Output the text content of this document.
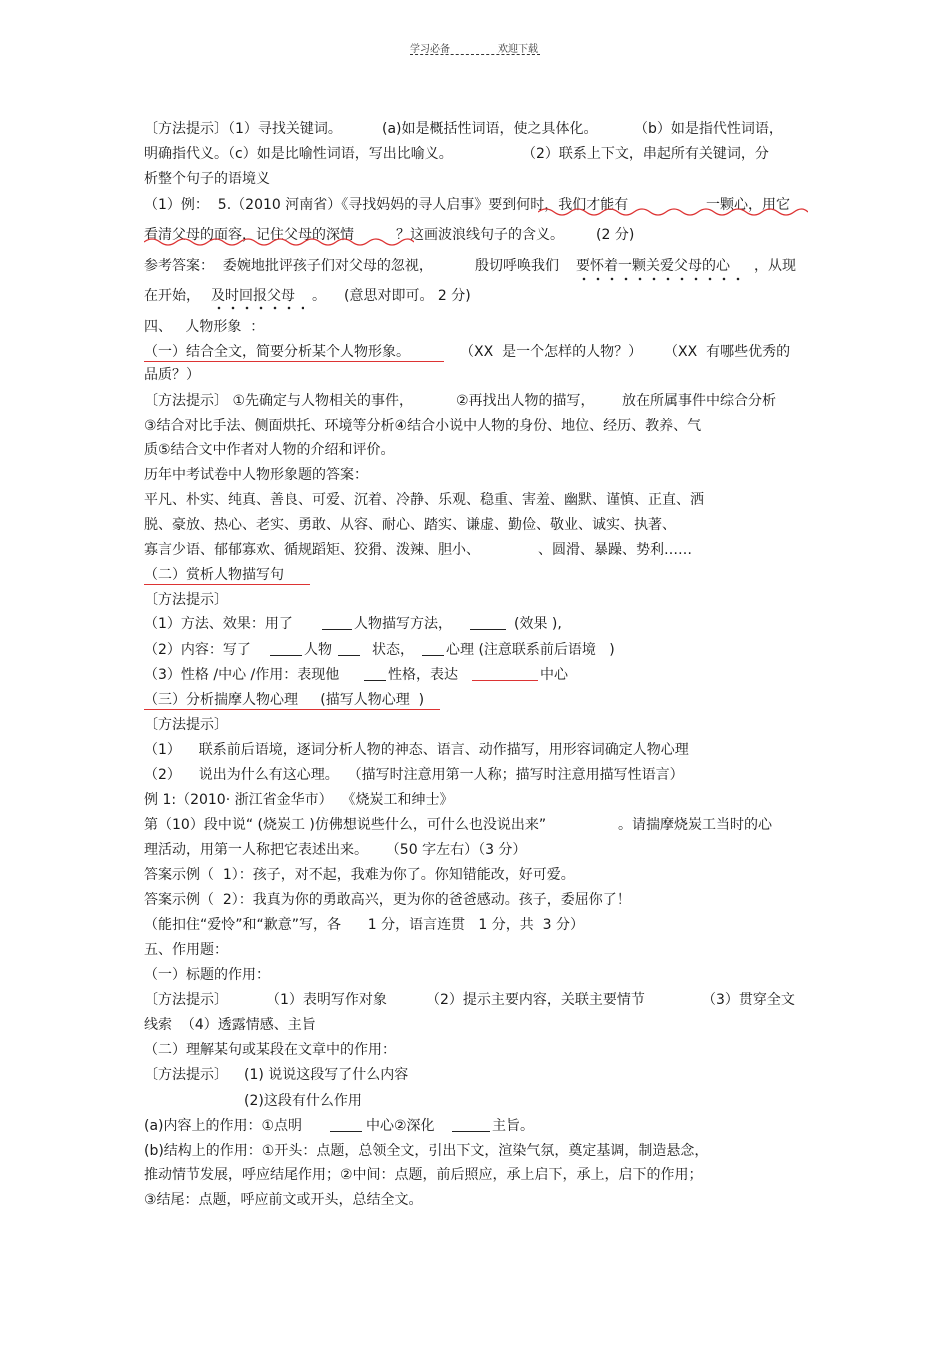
学习必备	欢迎下载

〔方法提示〕（1）寻找关键词。

	(a)如是概括性词语，使之具体化。

	（b）如是指代性词语，

明确指代义。（c）如是比喻性词语，写出比喻义。

	（2）联系上下文，串起所有关键词，分

析整个句子的语境义

（1）例：  5.（2010 河南省）《寻找妈妈的寻人启事》要到何时，我们才能有

	一颗心，用它

看清父母的面容，记住父母的深情

	？这画波浪线句子的含义。

(2 分)

参考答案：  委婉地批评孩子们对父母的忽视，

	殷切呼唤我们

要怀着一颗关爱父母的心

，从现

在开始，

及时回报父母

。

(意思对即可。 2 分)

四、   人物形象  ：

（一）结合全文，简要分析某个人物形象。

	（XX  是一个怎样的人物？）

（XX  有哪些优秀的

品质？）

〔方法提示〕 ①先确定与人物相关的事件，

	②再找出人物的描写，

放在所属事件中综合分析

③结合对比手法、侧面烘托、环境等分析④结合小说中人物的身份、地位、经历、教养、气
质⑤结合文中作者对人物的介绍和评价。
历年中考试卷中人物形象题的答案：
平凡、朴实、纯真、善良、可爱、沉着、冷静、乐观、稳重、害羞、幽默、谨慎、正直、洒
脱、豪放、热心、老实、勇敢、从容、耐心、踏实、谦虚、勤俭、敬业、诚实、执著、

寡言少语、郁郁寡欢、循规蹈矩、狡猾、泼辣、胆小、

	、圆滑、暴躁、势利……

（二）赏析人物描写句

〔方法提示〕

（1）方法、效果：用了

	人物描写方法，

	(效果 ),

（2）内容：写了

	人物

	状态，

心理 (注意联系前后语境   )

（3）性格 /中心 /作用：表现他

	性格，表达

	中心

（三）分析揣摩人物心理     (描写人物心理  )

〔方法提示〕
（1）    联系前后语境，逐词分析人物的神态、语言、动作描写，用形容词确定人物心理
（2）    说出为什么有这心理。  （描写时注意用第一人称；描写时注意用描写性语言）
例 1:（2010· 浙江省金华市）  《烧炭工和绅士》

第（10）段中说“ (烧炭工 )仿佛想说些什么，可什么也没说出来”

	。请揣摩烧炭工当时的心

理活动，用第一人称把它表述出来。    （50 字左右）（3 分）
答案示例（  1）：孩子，对不起，我难为你了。你知错能改，好可爱。
答案示例（  2）：我真为你的勇敢高兴，更为你的爸爸感动。孩子，委屈你了！
（能扣住“爱怜”和“歉意”写，各      1 分，语言连贯   1 分，共  3 分）
五、作用题：
（一）标题的作用：

〔方法提示〕

	（1）表明写作对象

	（2）提示主要内容，关联主要情节

	（3）贯穿全文

线索  （4）透露情感、主旨
（二）理解某句或某段在文章中的作用：

〔方法提示〕

(1) 说说这段写了什么内容

(2)这段有什么作用

(a)内容上的作用：①点明

	中心②深化

	主旨。

(b)结构上的作用：①开头：点题，总领全文，引出下文，渲染气氛，奠定基调，制造悬念，
推动情节发展，呼应结尾作用；②中间：点题，前后照应，承上启下，承上，启下的作用；
③结尾：点题，呼应前文或开头，总结全文。
